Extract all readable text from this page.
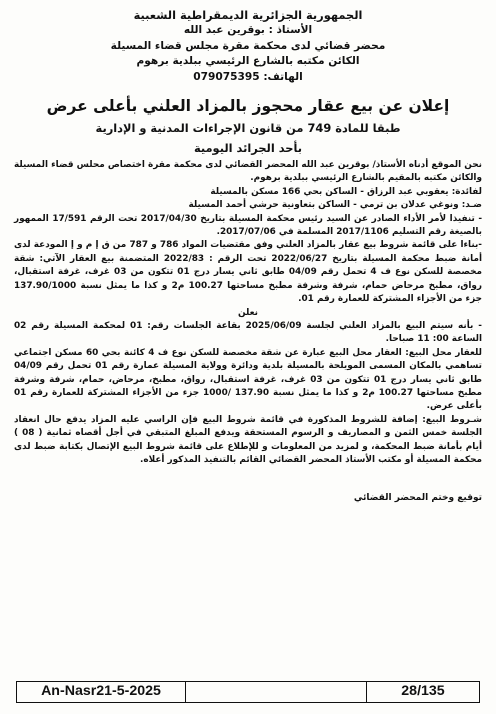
الجمهورية الجزائرية الديمقراطية الشعبية
الأستاذ : بوقرين عبد الله
محضر قضائي لدى محكمة مقرة مجلس قضاء المسيلة
الكائن مكتبه بالشارع الرئيسي ببلدية برهوم
الهاتف: 079075395
إعلان عن بيع عقار محجوز بالمزاد العلني بأعلى عرض
طبقا للمادة 749 من قانون الإجراءات المدنية و الإدارية
بأحد الجرائد اليومية

نحن الموقع أدناه الأستاذ/ بوقرين عبد الله المحضر القضائي لدى محكمة مقرة اختصاص محلس قضاء المسيلة والكائن مكتبه بالمقيم بالشارع الرئيسي ببلدية برهوم.

لفائدة: يعقوبي عبد الرزاق - الساكن بحي 166 مسكن بالمسيلة

ضـد: ونوغي عدلان بن ترمي - الساكن بتعاونية حرشي أحمد المسيلة

- تنفيذا لأمر الأداء الصادر عن السيد رئيس محكمة المسيلة بتاريخ 2017/04/30 تحت الرقم 17/591 الممهور بالصيغة رقم التسليم 2017/1106 المسلمة في 2017/07/06.

-بناءا على قائمة شروط بيع عقار بالمزاد العلني وفق مقتضيات المواد 786 و 787 من ق إ م و إ المودعة لدى أمانة ضبط محكمة المسيلة بتاريخ 2022/06/27 تحت الرقم : 2022/83 المتضمنة بيع العقار الآتي: شقة مخصصة للسكن نوع ف 4 تحمل رقم 04/09 طابق ثاني يسار درج 01 تتكون من 03 غرف، غرفة استقبال، رواق، مطبخ مرحاض حمام، شرفة وشرفة مطبخ مساحتها 100.27 م2 و كذا ما يمثل نسبة 137.90/1000 جزء من الأجزاء المشتركة للعمارة رقم 01.

نعلن

- بأنه سيتم البيع بالمزاد العلني لجلسة 2025/06/09 بقاعة الجلسات رقم: 01 لمحكمة المسيلة رقم 02 الساعة 00: 11 صباحا.

للعقار محل البيع: العقار محل البيع عبارة عن شقة مخصصة للسكن نوع ف 4 كائنة بحي 60 مسكن اجتماعي تساهمي بالمكان المسمى المويلحة بالمسيلة بلدية ودائرة وولاية المسيلة عمارة رقم 01 تحمل رقم 04/09 طابق ثاني يسار درج 01 تتكون من 03 غرف، غرفة استقبال، رواق، مطبخ، مرحاض، حمام، شرفة وشرفة مطبخ مساحتها 100.27 م2 و كذا ما يمثل نسبة 137.90 /1000 جزء من الأجزاء المشتركة للعمارة رقم 01 بأعلى عرض.

شـروط البيع: إضافة للشروط المذكورة في قائمة شروط البيع فإن الراسي عليه المزاد يدفع حال انعقاد الجلسة خمس الثمن و المصاريف و الرسوم المستحقة ويدفع المبلغ المتبقي في أجل أقصاه ثمانية ( 08 ) أيام بأمانة ضبط المحكمة، و لمزيد من المعلومات و للإطلاع على قائمة شروط البيع الإتصال بكتابة ضبط لدى محكمة المسيلة أو مكتب الأستاذ المحضر القضائي القائم بالتنفيذ المذكور أعلاه.

توقيع وختم المحضر القضائي
An-Nasr21-5-2025	28/135
